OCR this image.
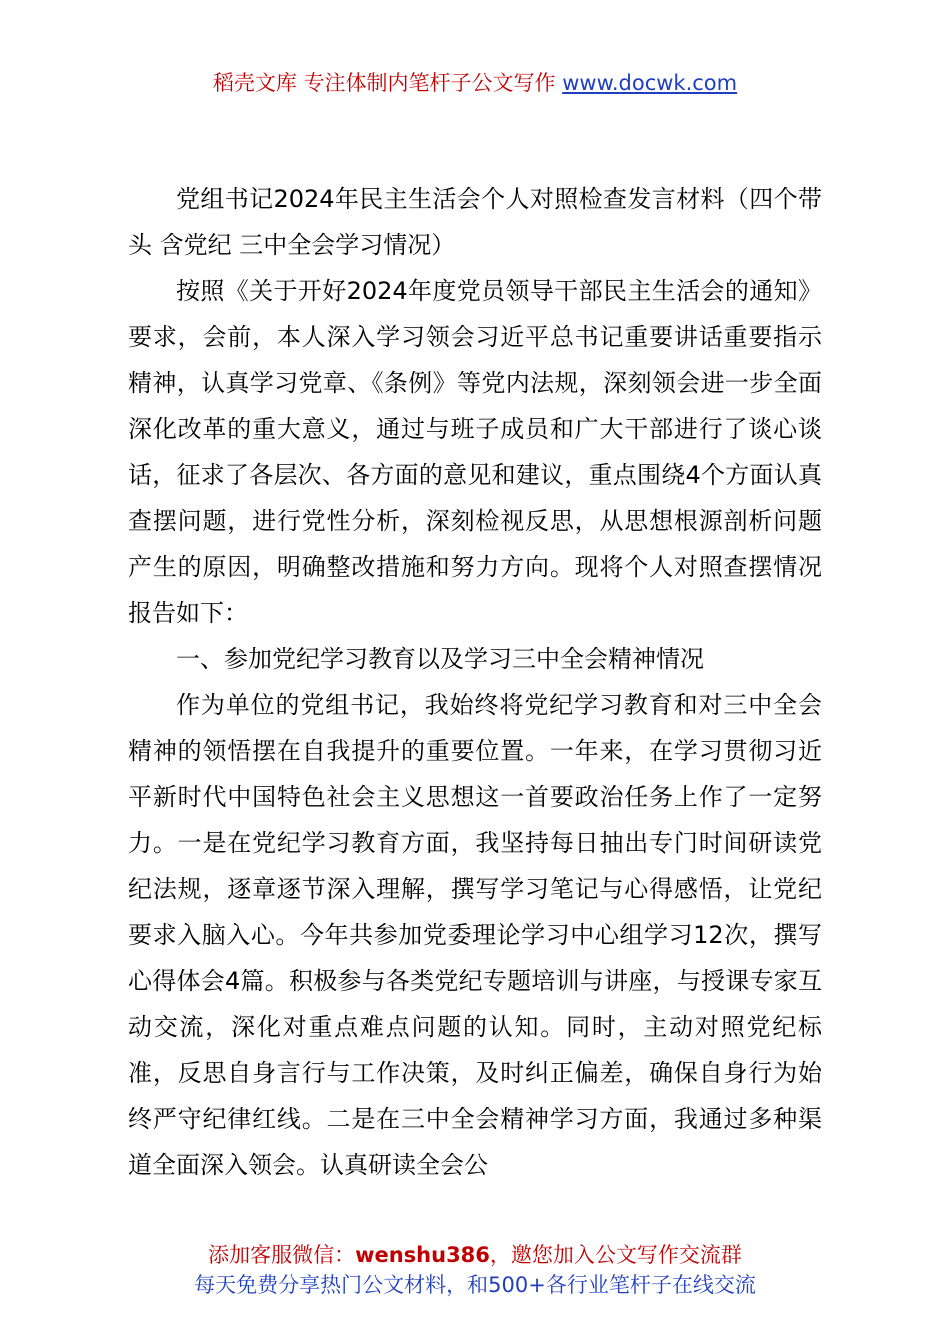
稻壳文库 专注体制内笔杆子公文写作 www.docwk.com

党组书记2024年民主生活会个人对照检查发言材料（四个带头 含党纪 三中全会学习情况）

按照《关于开好2024年度党员领导干部民主生活会的通知》要求，会前，本人深入学习领会习近平总书记重要讲话重要指示精神，认真学习党章、《条例》等党内法规，深刻领会进一步全面深化改革的重大意义，通过与班子成员和广大干部进行了谈心谈话，征求了各层次、各方面的意见和建议，重点围绕4个方面认真查摆问题，进行党性分析，深刻检视反思，从思想根源剖析问题产生的原因，明确整改措施和努力方向。现将个人对照查摆情况报告如下：

一、参加党纪学习教育以及学习三中全会精神情况

作为单位的党组书记，我始终将党纪学习教育和对三中全会精神的领悟摆在自我提升的重要位置。一年来，在学习贯彻习近平新时代中国特色社会主义思想这一首要政治任务上作了一定努力。一是在党纪学习教育方面，我坚持每日抽出专门时间研读党纪法规，逐章逐节深入理解，撰写学习笔记与心得感悟，让党纪要求入脑入心。今年共参加党委理论学习中心组学习12次，撰写心得体会4篇。积极参与各类党纪专题培训与讲座，与授课专家互动交流，深化对重点难点问题的认知。同时，主动对照党纪标准，反思自身言行与工作决策，及时纠正偏差，确保自身行为始终严守纪律红线。二是在三中全会精神学习方面，我通过多种渠道全面深入领会。认真研读全会公

添加客服微信：wenshu386，邀您加入公文写作交流群
每天免费分享热门公文材料，和500+各行业笔杆子在线交流
